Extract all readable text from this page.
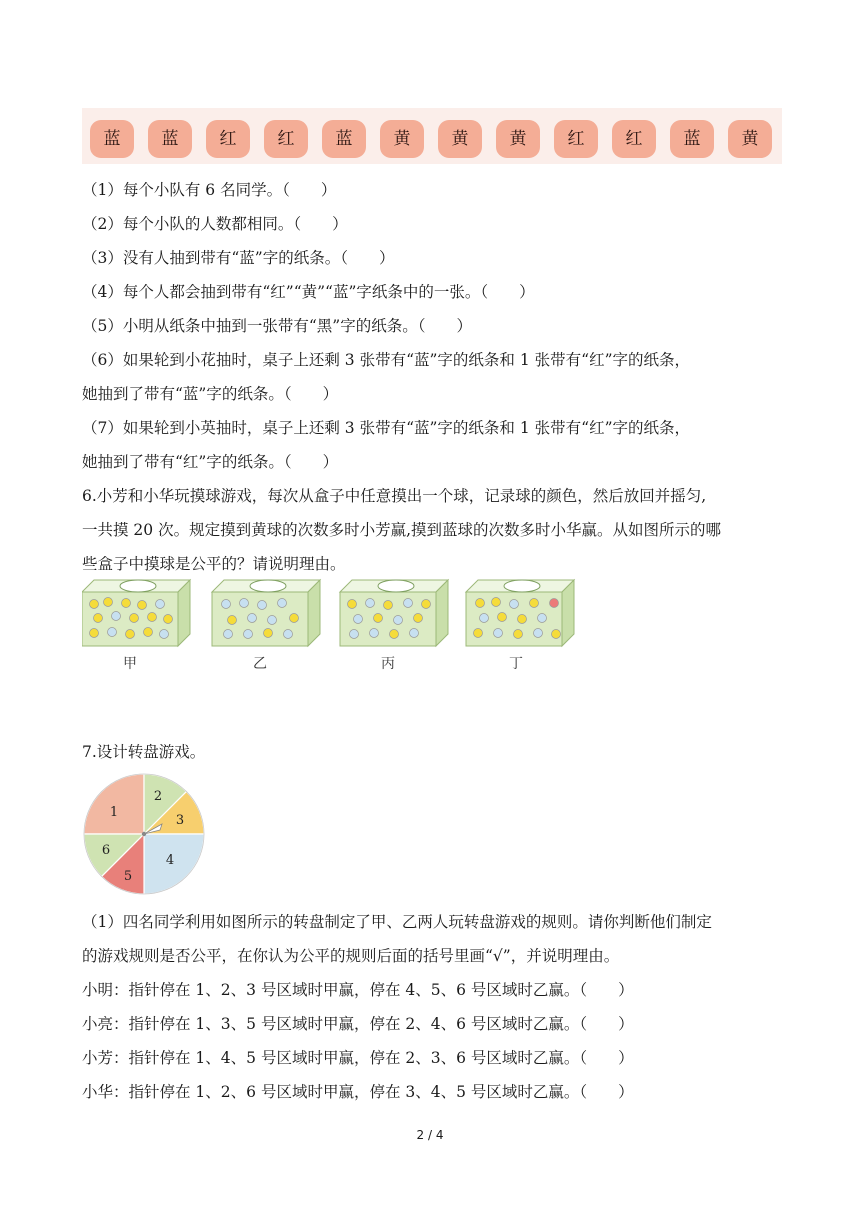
蓝	蓝	红	红	蓝	黄	黄	黄	红	红	蓝	黄
（1）每个小队有 6 名同学。（　　）
（2）每个小队的人数都相同。（　　）
（3）没有人抽到带有“蓝”字的纸条。（　　）
（4）每个人都会抽到带有“红”“黄”“蓝”字纸条中的一张。（　　）
（5）小明从纸条中抽到一张带有“黑”字的纸条。（　　）
（6）如果轮到小花抽时，桌子上还剩 3 张带有“蓝”字的纸条和 1 张带有“红”字的纸条，
她抽到了带有“蓝”字的纸条。（　　）
（7）如果轮到小英抽时，桌子上还剩 3 张带有“蓝”字的纸条和 1 张带有“红”字的纸条，
她抽到了带有“红”字的纸条。（　　）
6.小芳和小华玩摸球游戏，每次从盒子中任意摸出一个球，记录球的颜色，然后放回并摇匀,
一共摸 20 次。规定摸到黄球的次数多时小芳赢,摸到蓝球的次数多时小华赢。从如图所示的哪
些盒子中摸球是公平的？请说明理由。
甲	乙	丙	丁
7.设计转盘游戏。
1
2
3
4
5
6
（1）四名同学利用如图所示的转盘制定了甲、乙两人玩转盘游戏的规则。请你判断他们制定
的游戏规则是否公平，在你认为公平的规则后面的括号里画“√”，并说明理由。
小明：指针停在 1、2、3 号区域时甲赢，停在 4、5、6 号区域时乙赢。（　　）
小亮：指针停在 1、3、5 号区域时甲赢，停在 2、4、6 号区域时乙赢。（　　）
小芳：指针停在 1、4、5 号区域时甲赢，停在 2、3、6 号区域时乙赢。（　　）
小华：指针停在 1、2、6 号区域时甲赢，停在 3、4、5 号区域时乙赢。（　　）
2 / 4
